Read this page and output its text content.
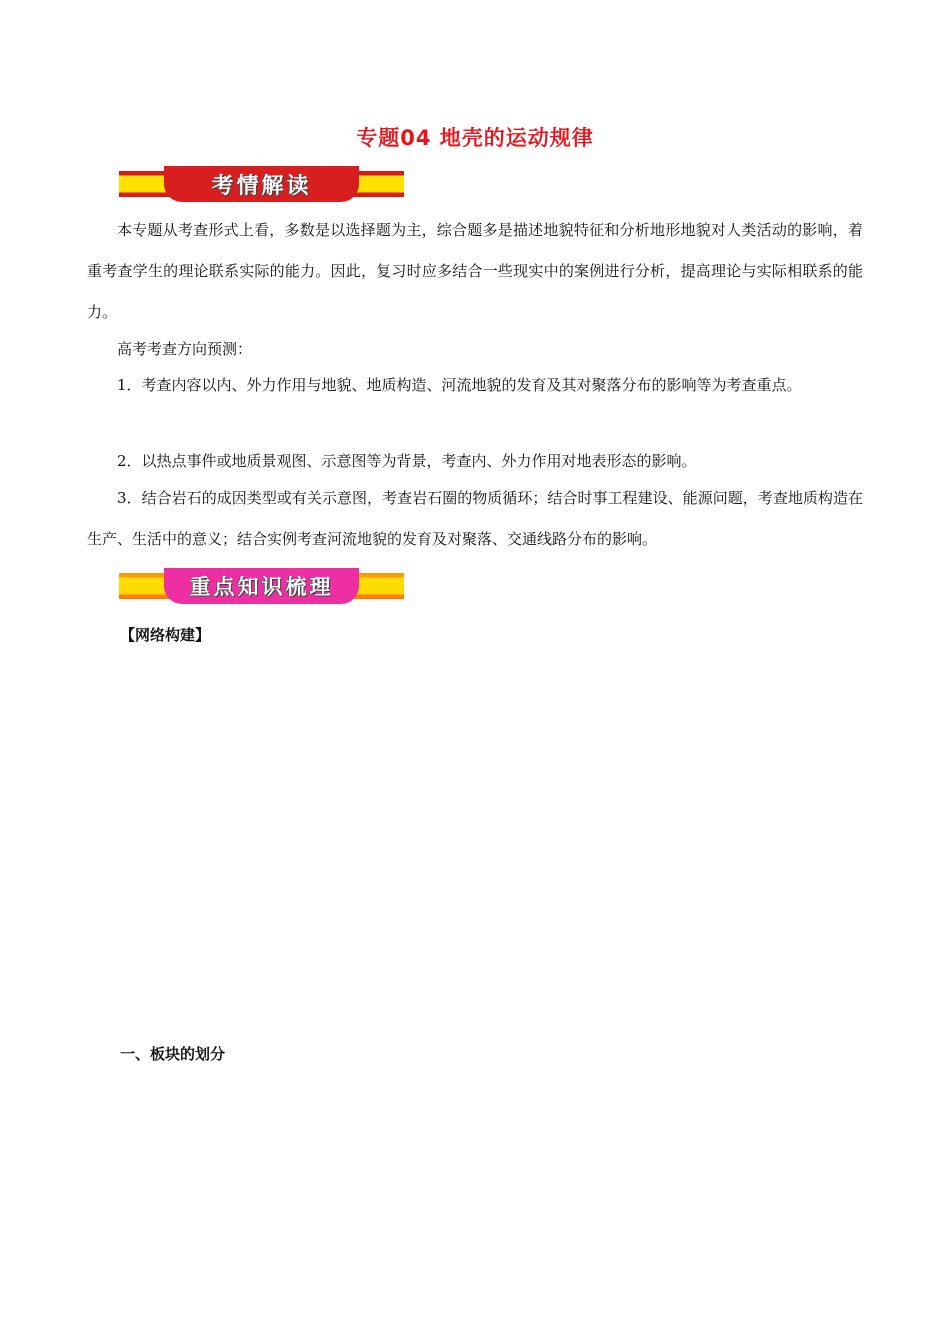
专题04 地壳的运动规律
考情解读

本专题从考查形式上看，多数是以选择题为主，综合题多是描述地貌特征和分析地形地貌对人类活动的影响，着重考查学生的理论联系实际的能力。因此，复习时应多结合一些现实中的案例进行分析，提高理论与实际相联系的能力。

高考考查方向预测：

1．考查内容以内、外力作用与地貌、地质构造、河流地貌的发育及其对聚落分布的影响等为考查重点。

2．以热点事件或地质景观图、示意图等为背景，考查内、外力作用对地表形态的影响。

3．结合岩石的成因类型或有关示意图，考查岩石圈的物质循环；结合时事工程建设、能源问题，考查地质构造在生产、生活中的意义；结合实例考查河流地貌的发育及对聚落、交通线路分布的影响。

重点知识梳理
【网络构建】
一、板块的划分
